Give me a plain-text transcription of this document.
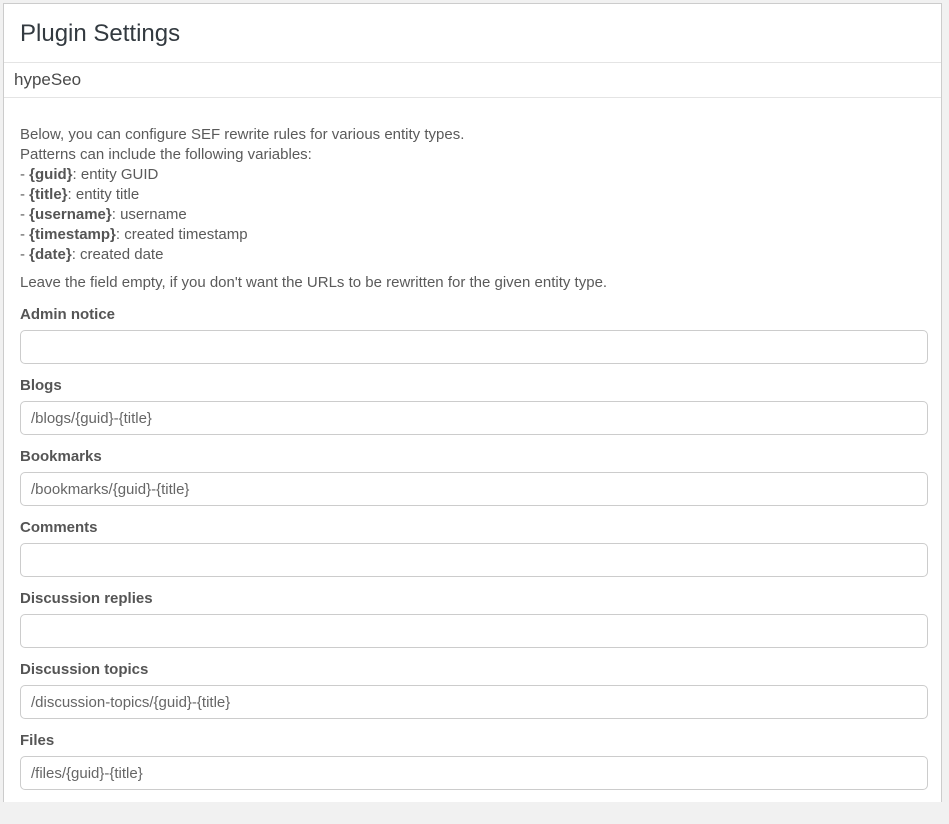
Plugin Settings
hypeSeo
Below, you can configure SEF rewrite rules for various entity types.
Patterns can include the following variables:
- {guid}: entity GUID
- {title}: entity title
- {username}: username
- {timestamp}: created timestamp
- {date}: created date

Leave the field empty, if you don't want the URLs to be rewritten for the given entity type.

Admin notice
Blogs
/blogs/{guid}-{title}
Bookmarks
/bookmarks/{guid}-{title}
Comments
Discussion replies
Discussion topics
/discussion-topics/{guid}-{title}
Files
/files/{guid}-{title}
